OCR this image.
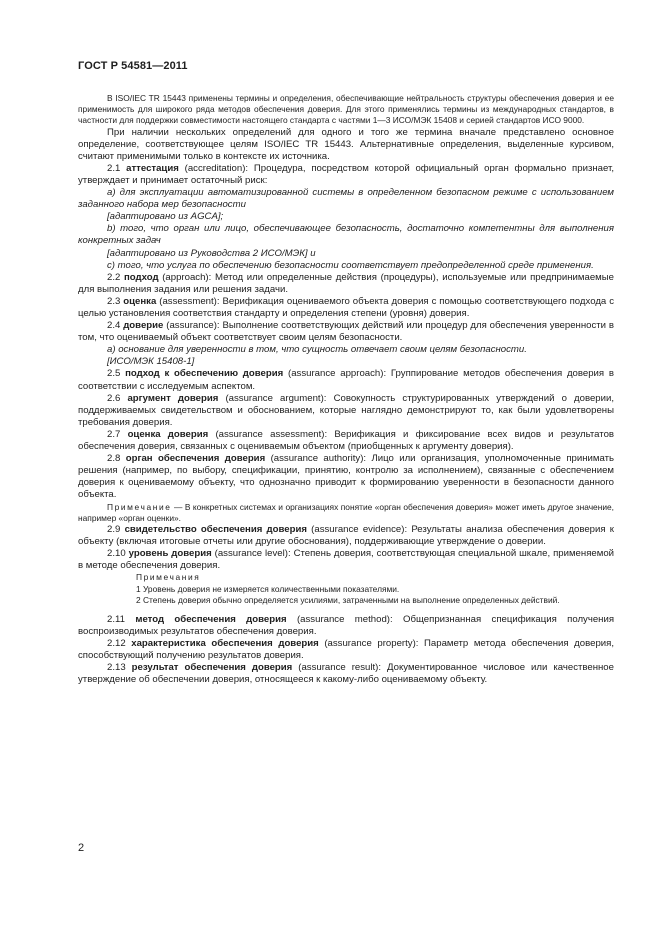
ГОСТ Р 54581—2011

В ISO/IEC TR 15443 применены термины и определения, обеспечивающие нейтральность структуры обеспечения доверия и ее применимость для широкого ряда методов обеспечения доверия. Для этого применялись термины из международных стандартов, в частности для поддержки совместимости настоящего стандарта с частями 1—3 ИСО/МЭК 15408 и серией стандартов ИСО 9000.

При наличии нескольких определений для одного и того же термина вначале представлено основное определение, соответствующее целям ISO/IEC TR 15443. Альтернативные определения, выделенные курсивом, считают применимыми только в контексте их источника.

2.1 аттестация (accreditation): Процедура, посредством которой официальный орган формально признает, утверждает и принимает остаточный риск:

а) для эксплуатации автоматизированной системы в определенном безопасном режиме с использованием заданного набора мер безопасности

[адаптировано из AGCA];

b) того, что орган или лицо, обеспечивающее безопасность, достаточно компетентны для выполнения конкретных задач

[адаптировано из Руководства 2 ИСО/МЭК] и

с) того, что услуга по обеспечению безопасности соответствует предопределенной среде применения.

2.2 подход (approach): Метод или определенные действия (процедуры), используемые или предпринимаемые для выполнения задания или решения задачи.

2.3 оценка (assessment): Верификация оцениваемого объекта доверия с помощью соответствующего подхода с целью установления соответствия стандарту и определения степени (уровня) доверия.

2.4 доверие (assurance): Выполнение соответствующих действий или процедур для обеспечения уверенности в том, что оцениваемый объект соответствует своим целям безопасности.

а) основание для уверенности в том, что сущность отвечает своим целям безопасности.

[ИСО/МЭК 15408-1]

2.5 подход к обеспечению доверия (assurance approach): Группирование методов обеспечения доверия в соответствии с исследуемым аспектом.

2.6 аргумент доверия (assurance argument): Совокупность структурированных утверждений о доверии, поддерживаемых свидетельством и обоснованием, которые наглядно демонстрируют то, как были удовлетворены требования доверия.

2.7 оценка доверия (assurance assessment): Верификация и фиксирование всех видов и результатов обеспечения доверия, связанных с оцениваемым объектом (приобщенных к аргументу доверия).

2.8 орган обеспечения доверия (assurance authority): Лицо или организация, уполномоченные принимать решения (например, по выбору, спецификации, принятию, контролю за исполнением), связанные с обеспечением доверия к оцениваемому объекту, что однозначно приводит к формированию уверенности в безопасности данного объекта.

Примечание — В конкретных системах и организациях понятие «орган обеспечения доверия» может иметь другое значение, например «орган оценки».

2.9 свидетельство обеспечения доверия (assurance evidence): Результаты анализа обеспечения доверия к объекту (включая итоговые отчеты или другие обоснования), поддерживающие утверждение о доверии.

2.10 уровень доверия (assurance level): Степень доверия, соответствующая специальной шкале, применяемой в методе обеспечения доверия.

Примечания

1 Уровень доверия не измеряется количественными показателями.

2 Степень доверия обычно определяется усилиями, затраченными на выполнение определенных действий.

2.11 метод обеспечения доверия (assurance method): Общепризнанная спецификация получения воспроизводимых результатов обеспечения доверия.

2.12 характеристика обеспечения доверия (assurance property): Параметр метода обеспечения доверия, способствующий получению результатов доверия.

2.13 результат обеспечения доверия (assurance result): Документированное числовое или качественное утверждение об обеспечении доверия, относящееся к какому-либо оцениваемому объекту.

2
